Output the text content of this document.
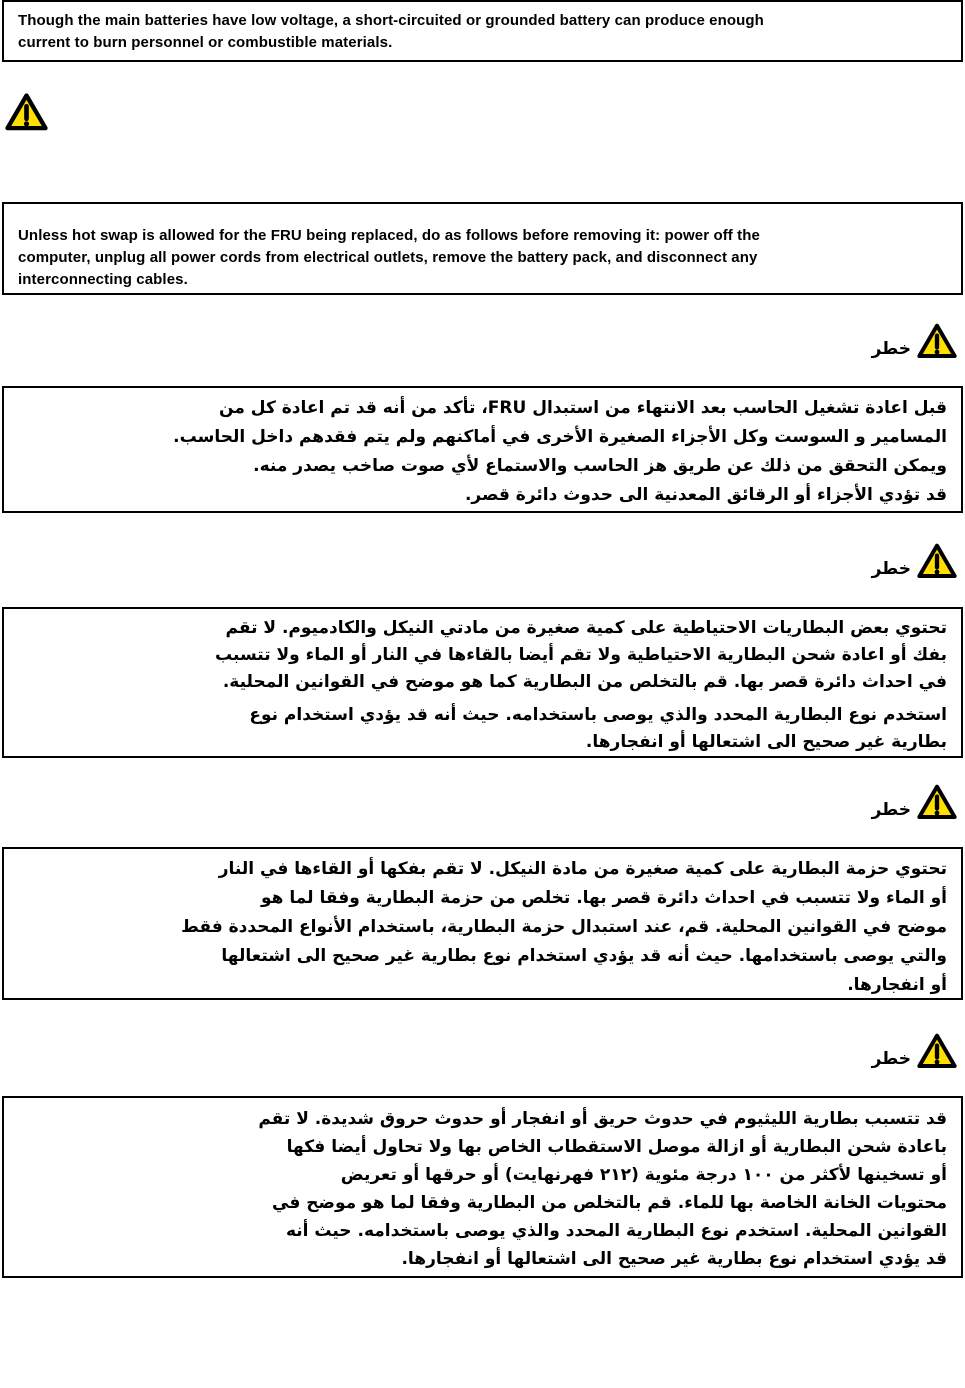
Though the main batteries have low voltage, a short-circuited or grounded battery can produce enough
current to burn personnel or combustible materials.
Unless hot swap is allowed for the FRU being replaced, do as follows before removing it: power off the
computer, unplug all power cords from electrical outlets, remove the battery pack, and disconnect any
interconnecting cables.
خطر
قبل اعادة تشغيل الحاسب بعد الانتهاء من استبدال FRU، تأكد من أنه قد تم اعادة كل من
المسامير و السوست وكل الأجزاء الصغيرة الأخرى في أماكنهم ولم يتم فقدهم داخل الحاسب.
ويمكن التحقق من ذلك عن طريق هز الحاسب والاستماع لأي صوت صاخب يصدر منه.
قد تؤدي الأجزاء أو الرقائق المعدنية الى حدوث دائرة قصر.
خطر
تحتوي بعض البطاريات الاحتياطية على كمية صغيرة من مادتي النيكل والكادميوم. لا تقم
بفك أو اعادة شحن البطارية الاحتياطية ولا تقم أيضا بالقاءها في النار أو الماء ولا تتسبب
في احداث دائرة قصر بها. قم بالتخلص من البطارية كما هو موضح في القوانين المحلية.
استخدم نوع البطارية المحدد والذي يوصى باستخدامه. حيث أنه قد يؤدي استخدام نوع
بطارية غير صحيح الى اشتعالها أو انفجارها.
خطر
تحتوي حزمة البطارية على كمية صغيرة من مادة النيكل. لا تقم بفكها أو القاءها في النار
أو الماء ولا تتسبب في احداث دائرة قصر بها. تخلص من حزمة البطارية وفقا لما هو
موضح في القوانين المحلية. قم، عند استبدال حزمة البطارية، باستخدام الأنواع المحددة فقط
والتي يوصى باستخدامها. حيث أنه قد يؤدي استخدام نوع بطارية غير صحيح الى اشتعالها
أو انفجارها.
خطر
قد تتسبب بطارية الليثيوم في حدوث حريق أو انفجار أو حدوث حروق شديدة. لا تقم
باعادة شحن البطارية أو ازالة موصل الاستقطاب الخاص بها ولا تحاول أيضا فكها
أو تسخينها لأكثر من ١٠٠ درجة مئوية (٢١٢ فهرنهايت) أو حرقها أو تعريض
محتويات الخانة الخاصة بها للماء. قم بالتخلص من البطارية وفقا لما هو موضح في
القوانين المحلية. استخدم نوع البطارية المحدد والذي يوصى باستخدامه. حيث أنه
قد يؤدي استخدام نوع بطارية غير صحيح الى اشتعالها أو انفجارها.
